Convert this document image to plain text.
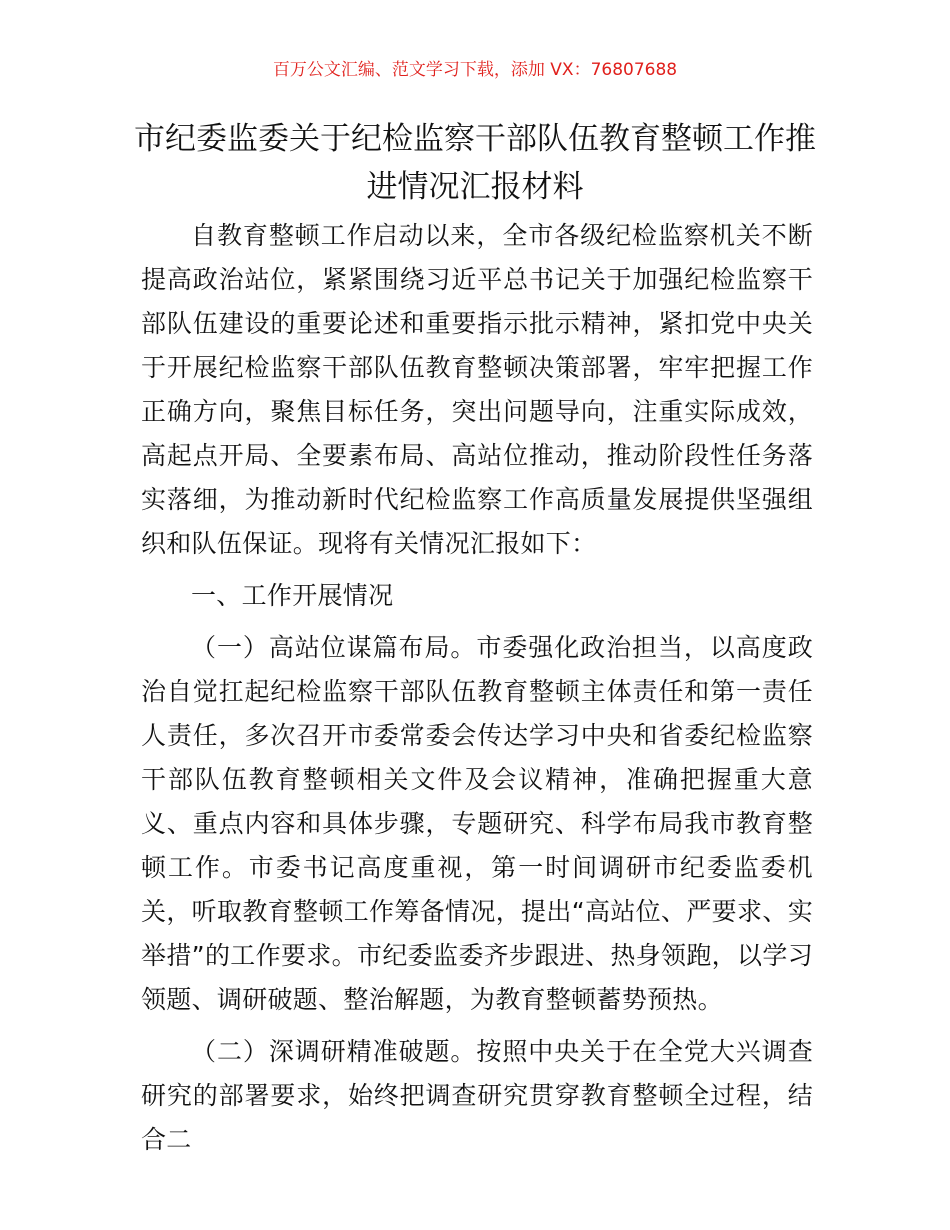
百万公文汇编、范文学习下载，添加 VX：76807688
市纪委监委关于纪检监察干部队伍教育整顿工作推进情况汇报材料

自教育整顿工作启动以来，全市各级纪检监察机关不断提高政治站位，紧紧围绕习近平总书记关于加强纪检监察干部队伍建设的重要论述和重要指示批示精神，紧扣党中央关于开展纪检监察干部队伍教育整顿决策部署，牢牢把握工作正确方向，聚焦目标任务，突出问题导向，注重实际成效，高起点开局、全要素布局、高站位推动，推动阶段性任务落实落细，为推动新时代纪检监察工作高质量发展提供坚强组织和队伍保证。现将有关情况汇报如下：

一、工作开展情况

（一）高站位谋篇布局。市委强化政治担当，以高度政治自觉扛起纪检监察干部队伍教育整顿主体责任和第一责任人责任，多次召开市委常委会传达学习中央和省委纪检监察干部队伍教育整顿相关文件及会议精神，准确把握重大意义、重点内容和具体步骤，专题研究、科学布局我市教育整顿工作。市委书记高度重视，第一时间调研市纪委监委机关，听取教育整顿工作筹备情况，提出“高站位、严要求、实举措”的工作要求。市纪委监委齐步跟进、热身领跑，以学习领题、调研破题、整治解题，为教育整顿蓄势预热。

（二）深调研精准破题。按照中央关于在全党大兴调查研究的部署要求，始终把调查研究贯穿教育整顿全过程，结合二
